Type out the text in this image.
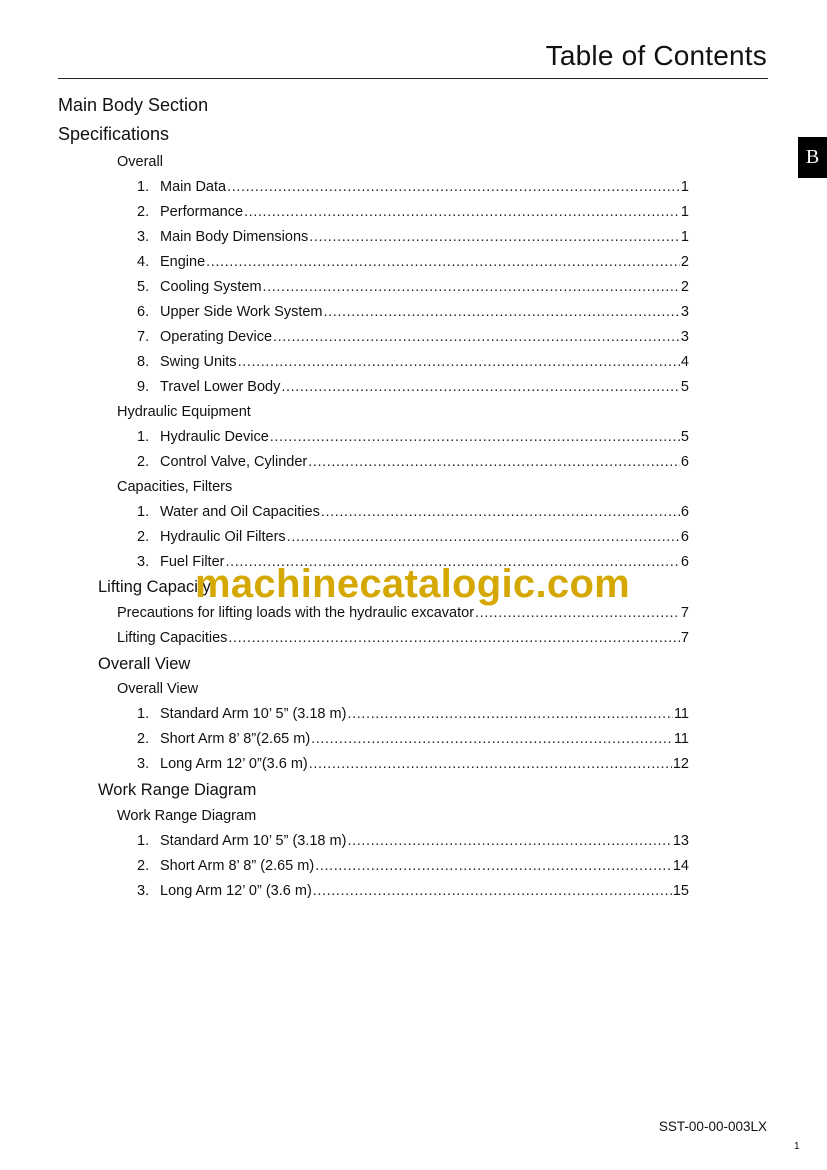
Table of Contents
B
Main Body Section
Specifications
Overall
1. Main Data .....	1
2. Performance .....	1
3. Main Body Dimensions .....	1
4. Engine .....	2
5. Cooling System .....	2
6. Upper Side Work System .....	3
7. Operating Device .....	3
8. Swing Units .....	4
9. Travel Lower Body .....	5
Hydraulic Equipment
1. Hydraulic Device .....	5
2. Control Valve, Cylinder .....	6
Capacities, Filters
1. Water and Oil Capacities .....	6
2. Hydraulic Oil Filters .....	6
3. Fuel Filter .....	6
Lifting Capacity
Precautions for lifting loads with the hydraulic excavator .....	7
Lifting Capacities .....	7
Overall View
Overall View
1. Standard Arm 10’ 5” (3.18 m) .....	11
2. Short Arm 8’ 8”(2.65 m) .....	11
3. Long Arm 12’ 0”(3.6 m) .....	12
Work Range Diagram
Work Range Diagram
1. Standard Arm 10’ 5” (3.18 m) .....	13
2. Short Arm 8’ 8” (2.65 m) .....	14
3. Long Arm 12’ 0” (3.6 m) .....	15
machinecatalogic.com
SST-00-00-003LX
1
